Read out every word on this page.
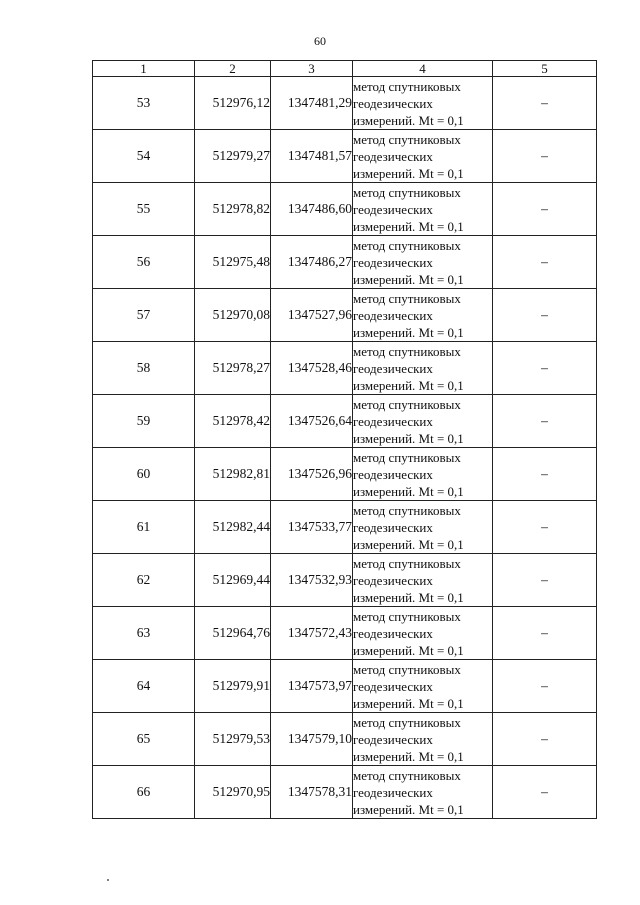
60
1	2	3	4	5
53	512976,12	1347481,29	метод спутниковых
геодезических
измерений. Mt = 0,1	–
54	512979,27	1347481,57	метод спутниковых
геодезических
измерений. Mt = 0,1	–
55	512978,82	1347486,60	метод спутниковых
геодезических
измерений. Mt = 0,1	–
56	512975,48	1347486,27	метод спутниковых
геодезических
измерений. Mt = 0,1	–
57	512970,08	1347527,96	метод спутниковых
геодезических
измерений. Mt = 0,1	–
58	512978,27	1347528,46	метод спутниковых
геодезических
измерений. Mt = 0,1	–
59	512978,42	1347526,64	метод спутниковых
геодезических
измерений. Mt = 0,1	–
60	512982,81	1347526,96	метод спутниковых
геодезических
измерений. Mt = 0,1	–
61	512982,44	1347533,77	метод спутниковых
геодезических
измерений. Mt = 0,1	–
62	512969,44	1347532,93	метод спутниковых
геодезических
измерений. Mt = 0,1	–
63	512964,76	1347572,43	метод спутниковых
геодезических
измерений. Mt = 0,1	–
64	512979,91	1347573,97	метод спутниковых
геодезических
измерений. Mt = 0,1	–
65	512979,53	1347579,10	метод спутниковых
геодезических
измерений. Mt = 0,1	–
66	512970,95	1347578,31	метод спутниковых
геодезических
измерений. Mt = 0,1	–
